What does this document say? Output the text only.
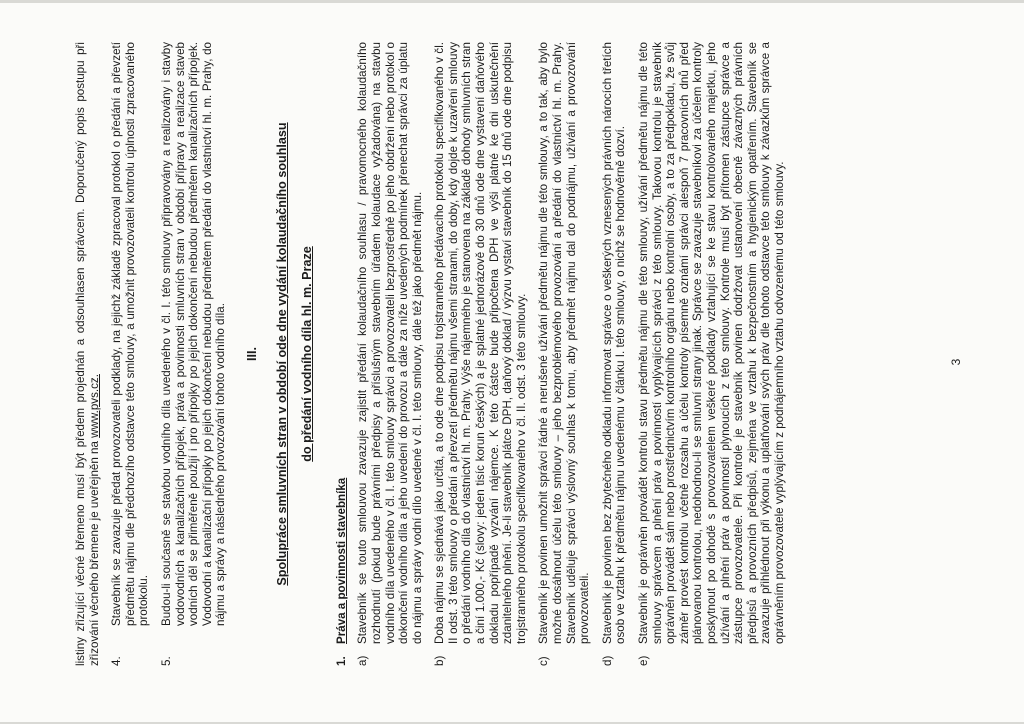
listiny zřizující věcné břemeno musí být předem projednán a odsouhlasen správcem. Doporučený popis postupu při zřizování věcného břemene je uveřejněn na www.pvs.cz.

4.
Stavebník se zavazuje předat provozovateli podklady, na jejichž základě zpracoval protokol o předání a převzetí předmětu nájmu dle předchozího odstavce této smlouvy, a umožnit provozovateli kontrolu úplnosti zpracovaného protokolu.
5.
Budou-li současně se stavbou vodního díla uvedeného v čl. I. této smlouvy připravovány a realizovány i stavby vodovodních a kanalizačních přípojek, práva a povinnosti smluvních stran v období přípravy a realizace staveb vodních děl se přiměřeně použijí i pro přípojky po jejich dokončení nebudou předmětem kanalizačních přípojek. Vodovodní a kanalizační přípojky po jejich dokončení nebudou předmětem předání do vlastnictví hl. m. Prahy, do nájmu a správy a následného provozování tohoto vodního díla. III. Spolupráce smluvních stran v období ode dne vydání kolaudačního souhlasu do předání vodního díla hl. m. Praze

1.
Práva a povinnosti stavebníka
a)
Stavebník se touto smlouvou zavazuje zajistit předání kolaudačního souhlasu / pravomocného kolaudačního rozhodnutí (pokud bude právními předpisy a příslušným stavebním úřadem kolaudace vyžadována) na stavbu vodního díla uvedeného v čl. I. této smlouvy správci a provozovateli bezprostředně po jeho obdržení nebo protokol o dokončení vodního díla a jeho uvedení do provozu a dále za níže uvedených podmínek přenechat správci za úplatu do nájmu a správy vodní dílo uvedené v čl. I. této smlouvy, dále též jako předmět nájmu.
b)
Doba nájmu se sjednává jako určitá, a to ode dne podpisu trojstranného předávacího protokolu specifikovaného v čl. II odst. 3 této smlouvy o předání a převzetí předmětu nájmu všemi stranami, do doby, kdy dojde k uzavření smlouvy o předání vodního díla do vlastnictví hl. m. Prahy. Výše nájemného je stanovena na základě dohody smluvních stran a činí 1.000,- Kč (slovy: jeden tisíc korun českých) a je splatné jednorázově do 30 dnů ode dne vystavení daňového dokladu popřípadě vyzvání nájemce. K této částce bude připočtena DPH ve výši platné ke dni uskutečnění zdanitelného plnění. Je-li stavebník plátce DPH, daňový doklad / výzvu vystaví stavebník do 15 dnů ode dne podpisu trojstranného protokolu specifikovaného v čl. II. odst. 3 této smlouvy.
c)
Stavebník je povinen umožnit správci řádné a nerušené užívání předmětu nájmu dle této smlouvy, a to tak, aby bylo možné dosáhnout účelu této smlouvy – jeho bezproblémového provozování a předání do vlastnictví hl. m. Prahy. Stavebník uděluje správci výslovný souhlas k tomu, aby předmět nájmu dal do podnájmu, užívání a provozování provozovateli.
d)
Stavebník je povinen bez zbytečného odkladu informovat správce o veškerých vznesených právních nárocích třetích osob ve vztahu k předmětu nájmu uvedenému v článku I. této smlouvy, o nichž se hodnověrně dozví.
e)
Stavebník je oprávněn provádět kontrolu stavu předmětu nájmu dle této smlouvy, užívání předmětu nájmu dle této smlouvy správcem a plnění práv a povinností vyplývajících správci z této smlouvy. Takovou kontrolu je stavebník oprávněn provádět sám nebo prostřednictvím kontrolního orgánu nebo kontrolní osoby, a to za předpokladu, že svůj záměr provést kontrolu včetně rozsahu a účelu kontroly písemně oznámí správci alespoň 7 pracovních dnů před plánovanou kontrolou, nedohodnou-li se smluvní strany jinak. Správce se zavazuje stavebníkovi za účelem kontroly poskytnout po dohodě s provozovatelem veškeré podklady vztahující se ke stavu kontrolovaného majetku, jeho užívání a plnění práv a povinností plynoucích z této smlouvy. Kontrole musí být přítomen zástupce správce a zástupce provozovatele. Při kontrole je stavebník povinen dodržovat ustanovení obecně závazných právních předpisů a provozních předpisů, zejména ve vztahu k bezpečnostním a hygienickým opatřením. Stavebník se zavazuje přihlédnout při výkonu a uplatňování svých práv dle tohoto odstavce této smlouvy k závazkům správce a oprávněním provozovatele vyplývajícím z podnájemního vztahu odvozenému od této smlouvy.	3
